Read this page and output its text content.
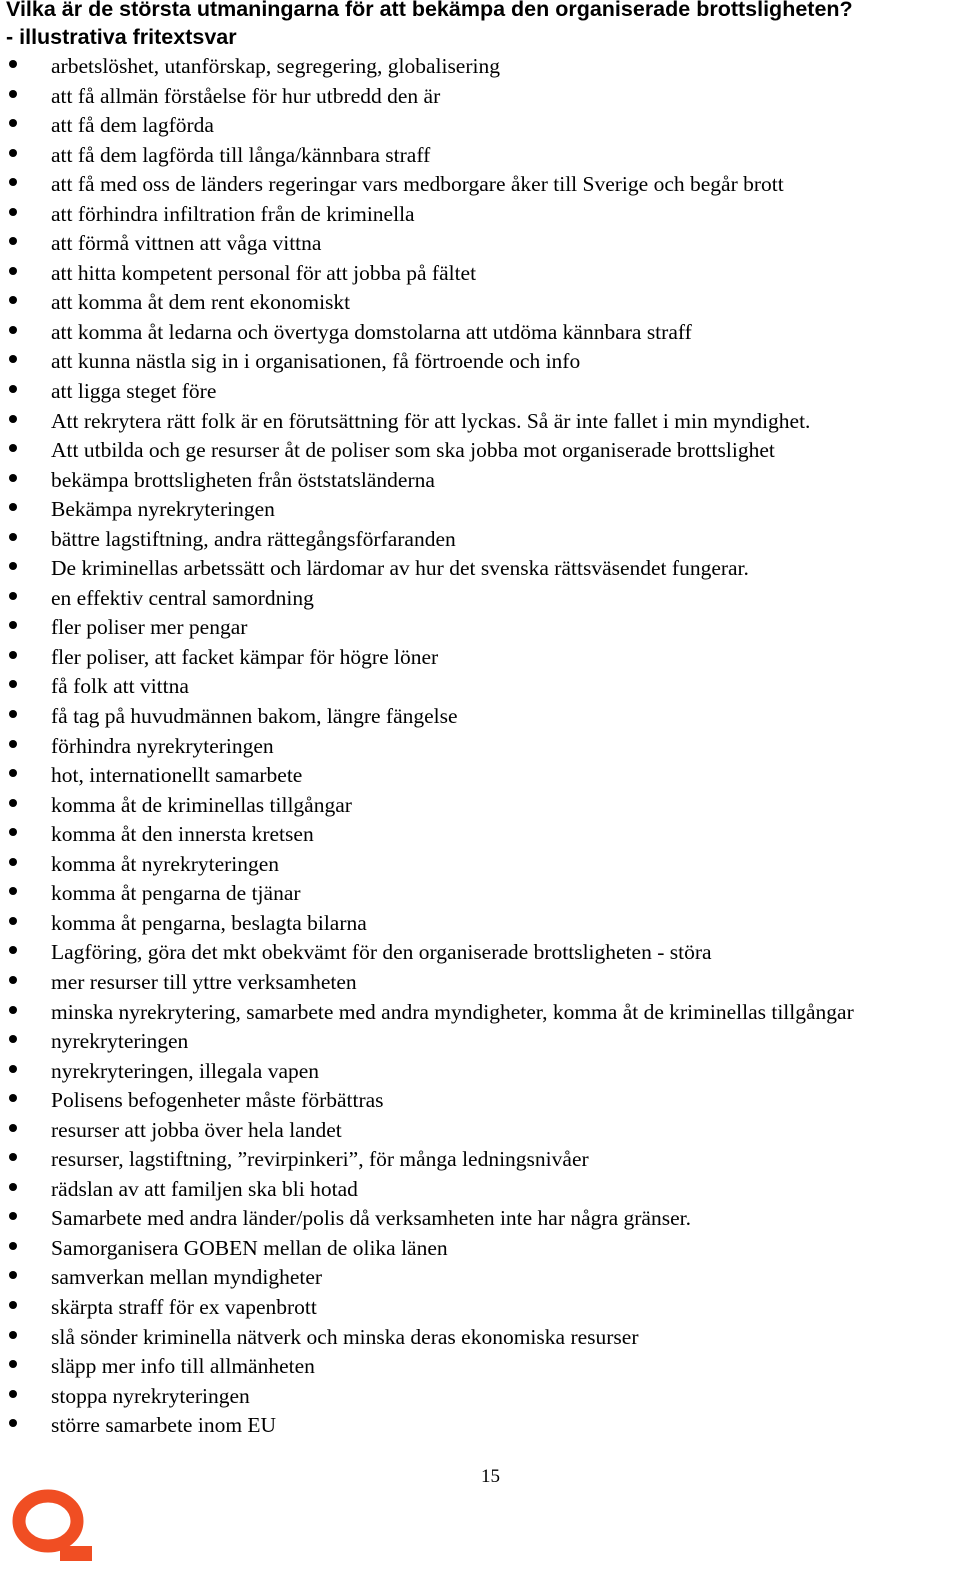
Vilka är de största utmaningarna för att bekämpa den organiserade brottsligheten?
- illustrativa fritextsvar
arbetslöshet, utanförskap, segregering, globalisering
att få allmän förståelse för hur utbredd den är
att få dem lagförda
att få dem lagförda till långa/kännbara straff
att få med oss de länders regeringar vars medborgare åker till Sverige och begår brott
att förhindra infiltration från de kriminella
att förmå vittnen att våga vittna
att hitta kompetent personal för att jobba på fältet
att komma åt dem rent ekonomiskt
att komma åt ledarna och övertyga domstolarna att utdöma kännbara straff
att kunna nästla sig in i organisationen, få förtroende och info
att ligga steget före
Att rekrytera rätt folk är en förutsättning för att lyckas. Så är inte fallet i min myndighet.
Att utbilda och ge resurser åt de poliser som ska jobba mot organiserade brottslighet
bekämpa brottsligheten från öststatsländerna
Bekämpa nyrekryteringen
bättre lagstiftning, andra rättegångsförfaranden
De kriminellas arbetssätt och lärdomar av hur det svenska rättsväsendet fungerar.
en effektiv central samordning
fler poliser mer pengar
fler poliser, att facket kämpar för högre löner
få folk att vittna
få tag på huvudmännen bakom, längre fängelse
förhindra nyrekryteringen
hot, internationellt samarbete
komma åt de kriminellas tillgångar
komma åt den innersta kretsen
komma åt nyrekryteringen
komma åt pengarna de tjänar
komma åt pengarna, beslagta bilarna
Lagföring, göra det mkt obekvämt för den organiserade brottsligheten - störa
mer resurser till yttre verksamheten
minska nyrekrytering, samarbete med andra myndigheter, komma åt de kriminellas tillgångar
nyrekryteringen
nyrekryteringen, illegala vapen
Polisens befogenheter måste förbättras
resurser att jobba över hela landet
resurser, lagstiftning, ”revirpinkeri”, för många ledningsnivåer
rädslan av att familjen ska bli hotad
Samarbete med andra länder/polis då verksamheten inte har några gränser.
Samorganisera GOBEN mellan de olika länen
samverkan mellan myndigheter
skärpta straff för ex vapenbrott
slå sönder kriminella nätverk och minska deras ekonomiska resurser
släpp mer info till allmänheten
stoppa nyrekryteringen
större samarbete inom EU
15
